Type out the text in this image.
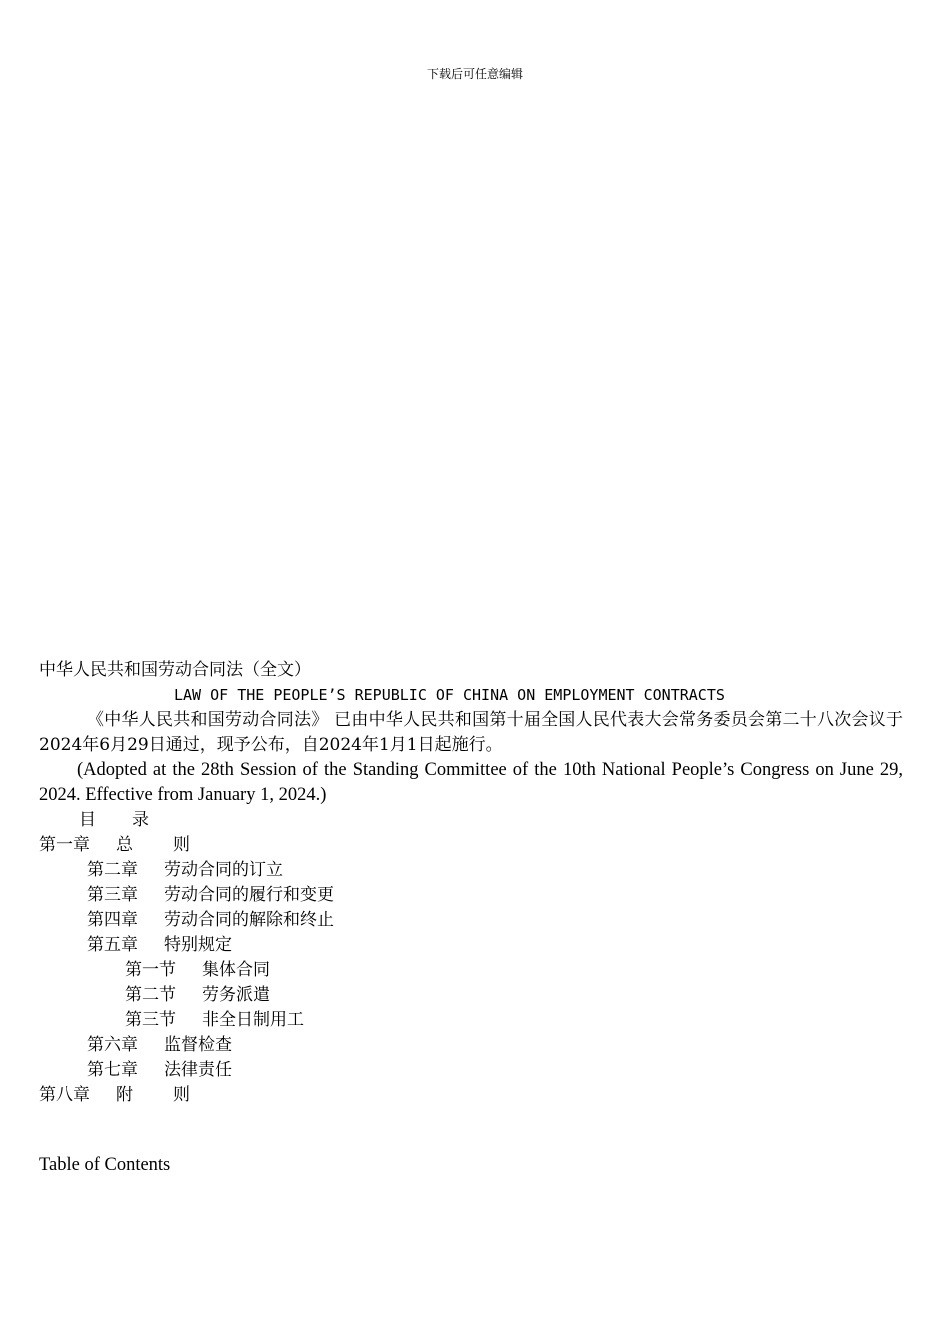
下载后可任意编辑
中华人民共和国劳动合同法（全文）
LAW OF THE PEOPLE’S REPUBLIC OF CHINA ON EMPLOYMENT CONTRACTS
《中华人民共和国劳动合同法》 已由中华人民共和国第十届全国人民代表大会常务委员会第二十八次会议于2024年6月29日通过，现予公布，自2024年1月1日起施行。
(Adopted at the 28th Session of the Standing Committee of the 10th National People’s Congress on June 29, 2024. Effective from January 1, 2024.)
目 录
第一章 总 则
第二章 劳动合同的订立
第三章 劳动合同的履行和变更
第四章 劳动合同的解除和终止
第五章 特别规定
第一节 集体合同
第二节 劳务派遣
第三节 非全日制用工
第六章 监督检查
第七章 法律责任
第八章 附 则
Table of Contents
